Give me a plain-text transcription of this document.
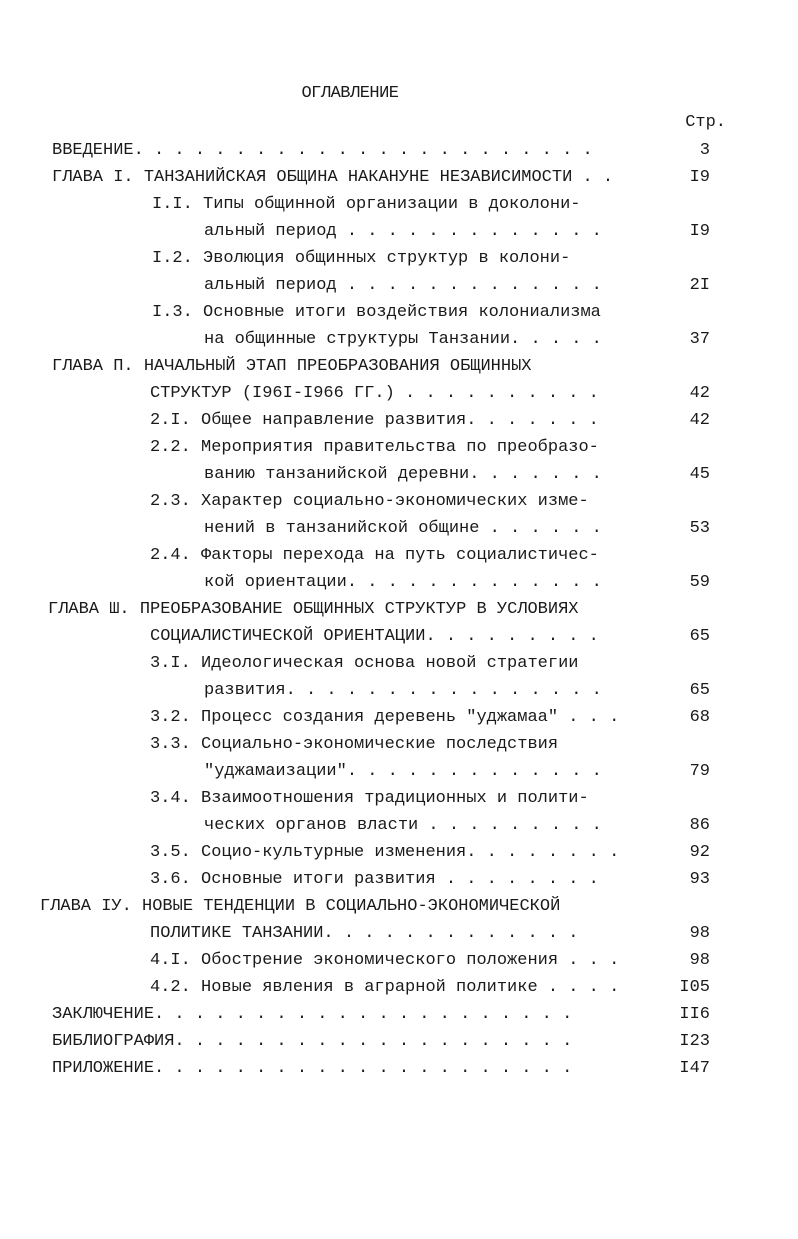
ОГЛАВЛЕНИЕ
Стр.
ВВЕДЕНИЕ. . . . . . . . . . . . . . . . . . . . . . .	3
ГЛАВА I. ТАНЗАНИЙСКАЯ ОБЩИНА НАКАНУНЕ НЕЗАВИСИМОСТИ . .	I9
I.I. Типы общинной организации в доколони-
альный период . . . . . . . . . . . . .	I9
I.2. Эволюция общинных структур в колони-
альный период . . . . . . . . . . . . .	2I
I.3. Основные итоги воздействия колониализма
на общинные структуры Танзании. . . . .	37
ГЛАВА П. НАЧАЛЬНЫЙ ЭТАП ПРЕОБРАЗОВАНИЯ ОБЩИННЫХ
СТРУКТУР (I96I-I966 ГГ.) . . . . . . . . . .	42
2.I. Общее направление развития. . . . . . .	42
2.2. Мероприятия правительства по преобразо-
ванию танзанийской деревни. . . . . . .	45
2.3. Характер социально-экономических изме-
нений в танзанийской общине . . . . . .	53
2.4. Факторы перехода на путь социалистичес-
кой ориентации. . . . . . . . . . . . .	59
ГЛАВА Ш. ПРЕОБРАЗОВАНИЕ ОБЩИННЫХ СТРУКТУР В УСЛОВИЯХ
СОЦИАЛИСТИЧЕСКОЙ ОРИЕНТАЦИИ. . . . . . . . .	65
3.I. Идеологическая основа новой стратегии
развития. . . . . . . . . . . . . . . .	65
3.2. Процесс создания деревень "уджамаа" . . .	68
3.3. Социально-экономические последствия
"уджамаизации". . . . . . . . . . . . .	79
3.4. Взаимоотношения традиционных и полити-
ческих органов власти . . . . . . . . .	86
3.5. Социо-культурные изменения. . . . . . . .	92
3.6. Основные итоги развития . . . . . . . .	93
ГЛАВА IУ. НОВЫЕ ТЕНДЕНЦИИ В СОЦИАЛЬНО-ЭКОНОМИЧЕСКОЙ
ПОЛИТИКЕ ТАНЗАНИИ. . . . . . . . . . . . .	98
4.I. Обострение экономического положения . . .	98
4.2. Новые явления в аграрной политике . . . .	I05
ЗАКЛЮЧЕНИЕ. . . . . . . . . . . . . . . . . . . . .	II6
БИБЛИОГРАФИЯ. . . . . . . . . . . . . . . . . . . .	I23
ПРИЛОЖЕНИЕ. . . . . . . . . . . . . . . . . . . . .	I47
